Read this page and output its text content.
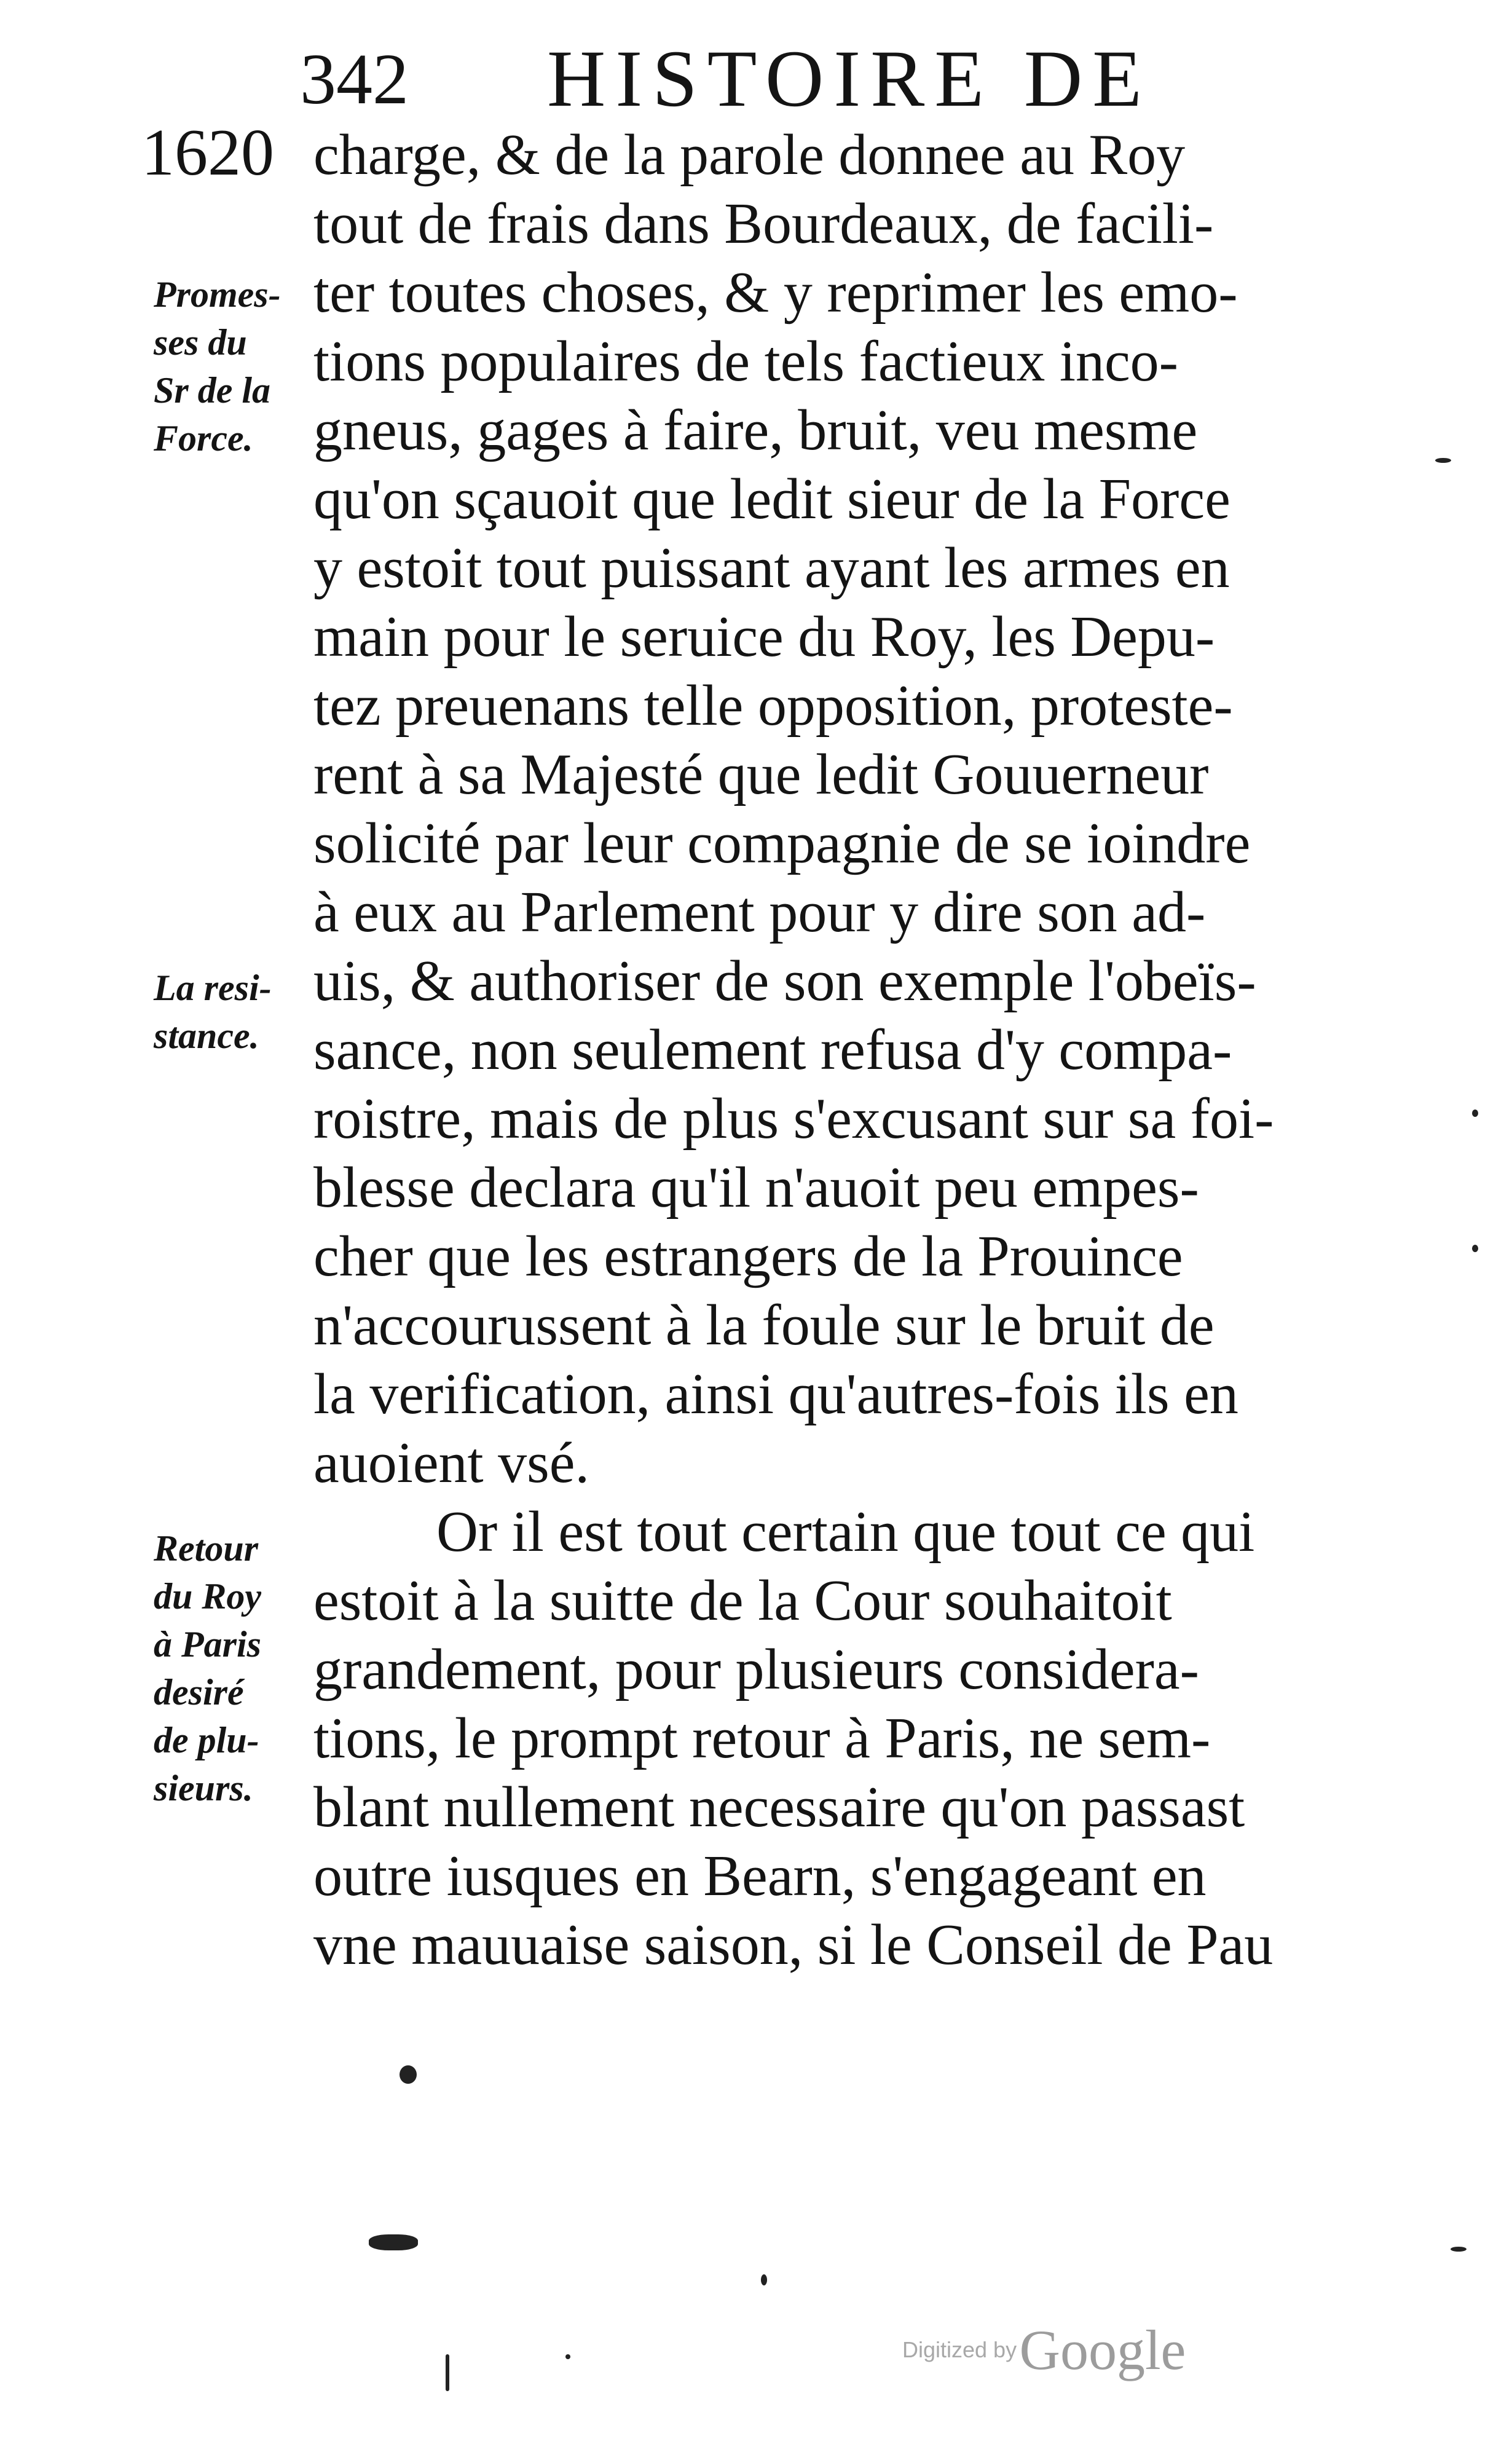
342 HISTOIRE DE
1620
Promes-
ses du
Sr de la
Force.
La resi-
stance.
Retour
du Roy
à Paris
desiré
de plu-
sieurs.
charge, & de la parole donnee au Roy
tout de frais dans Bourdeaux, de facili-
ter toutes choses, & y reprimer les emo-
tions populaires de tels factieux inco-
gneus, gages à faire, bruit, veu mesme
qu'on sçauoit que ledit sieur de la Force
y estoit tout puissant ayant les armes en
main pour le seruice du Roy, les Depu-
tez preuenans telle opposition, proteste-
rent à sa Majesté que ledit Gouuerneur
solicité par leur compagnie de se ioindre
à eux au Parlement pour y dire son ad-
uis, & authoriser de son exemple l'obeïs-
sance, non seulement refusa d'y compa-
roistre, mais de plus s'excusant sur sa foi-
blesse declara qu'il n'auoit peu empes-
cher que les estrangers de la Prouince
n'accourussent à la foule sur le bruit de
la verification, ainsi qu'autres-fois ils en
auoient vsé.
Or il est tout certain que tout ce qui
estoit à la suitte de la Cour souhaitoit
grandement, pour plusieurs considera-
tions, le prompt retour à Paris, ne sem-
blant nullement necessaire qu'on passast
outre iusques en Bearn, s'engageant en
vne mauuaise saison, si le Conseil de Pau
Digitized by Google
